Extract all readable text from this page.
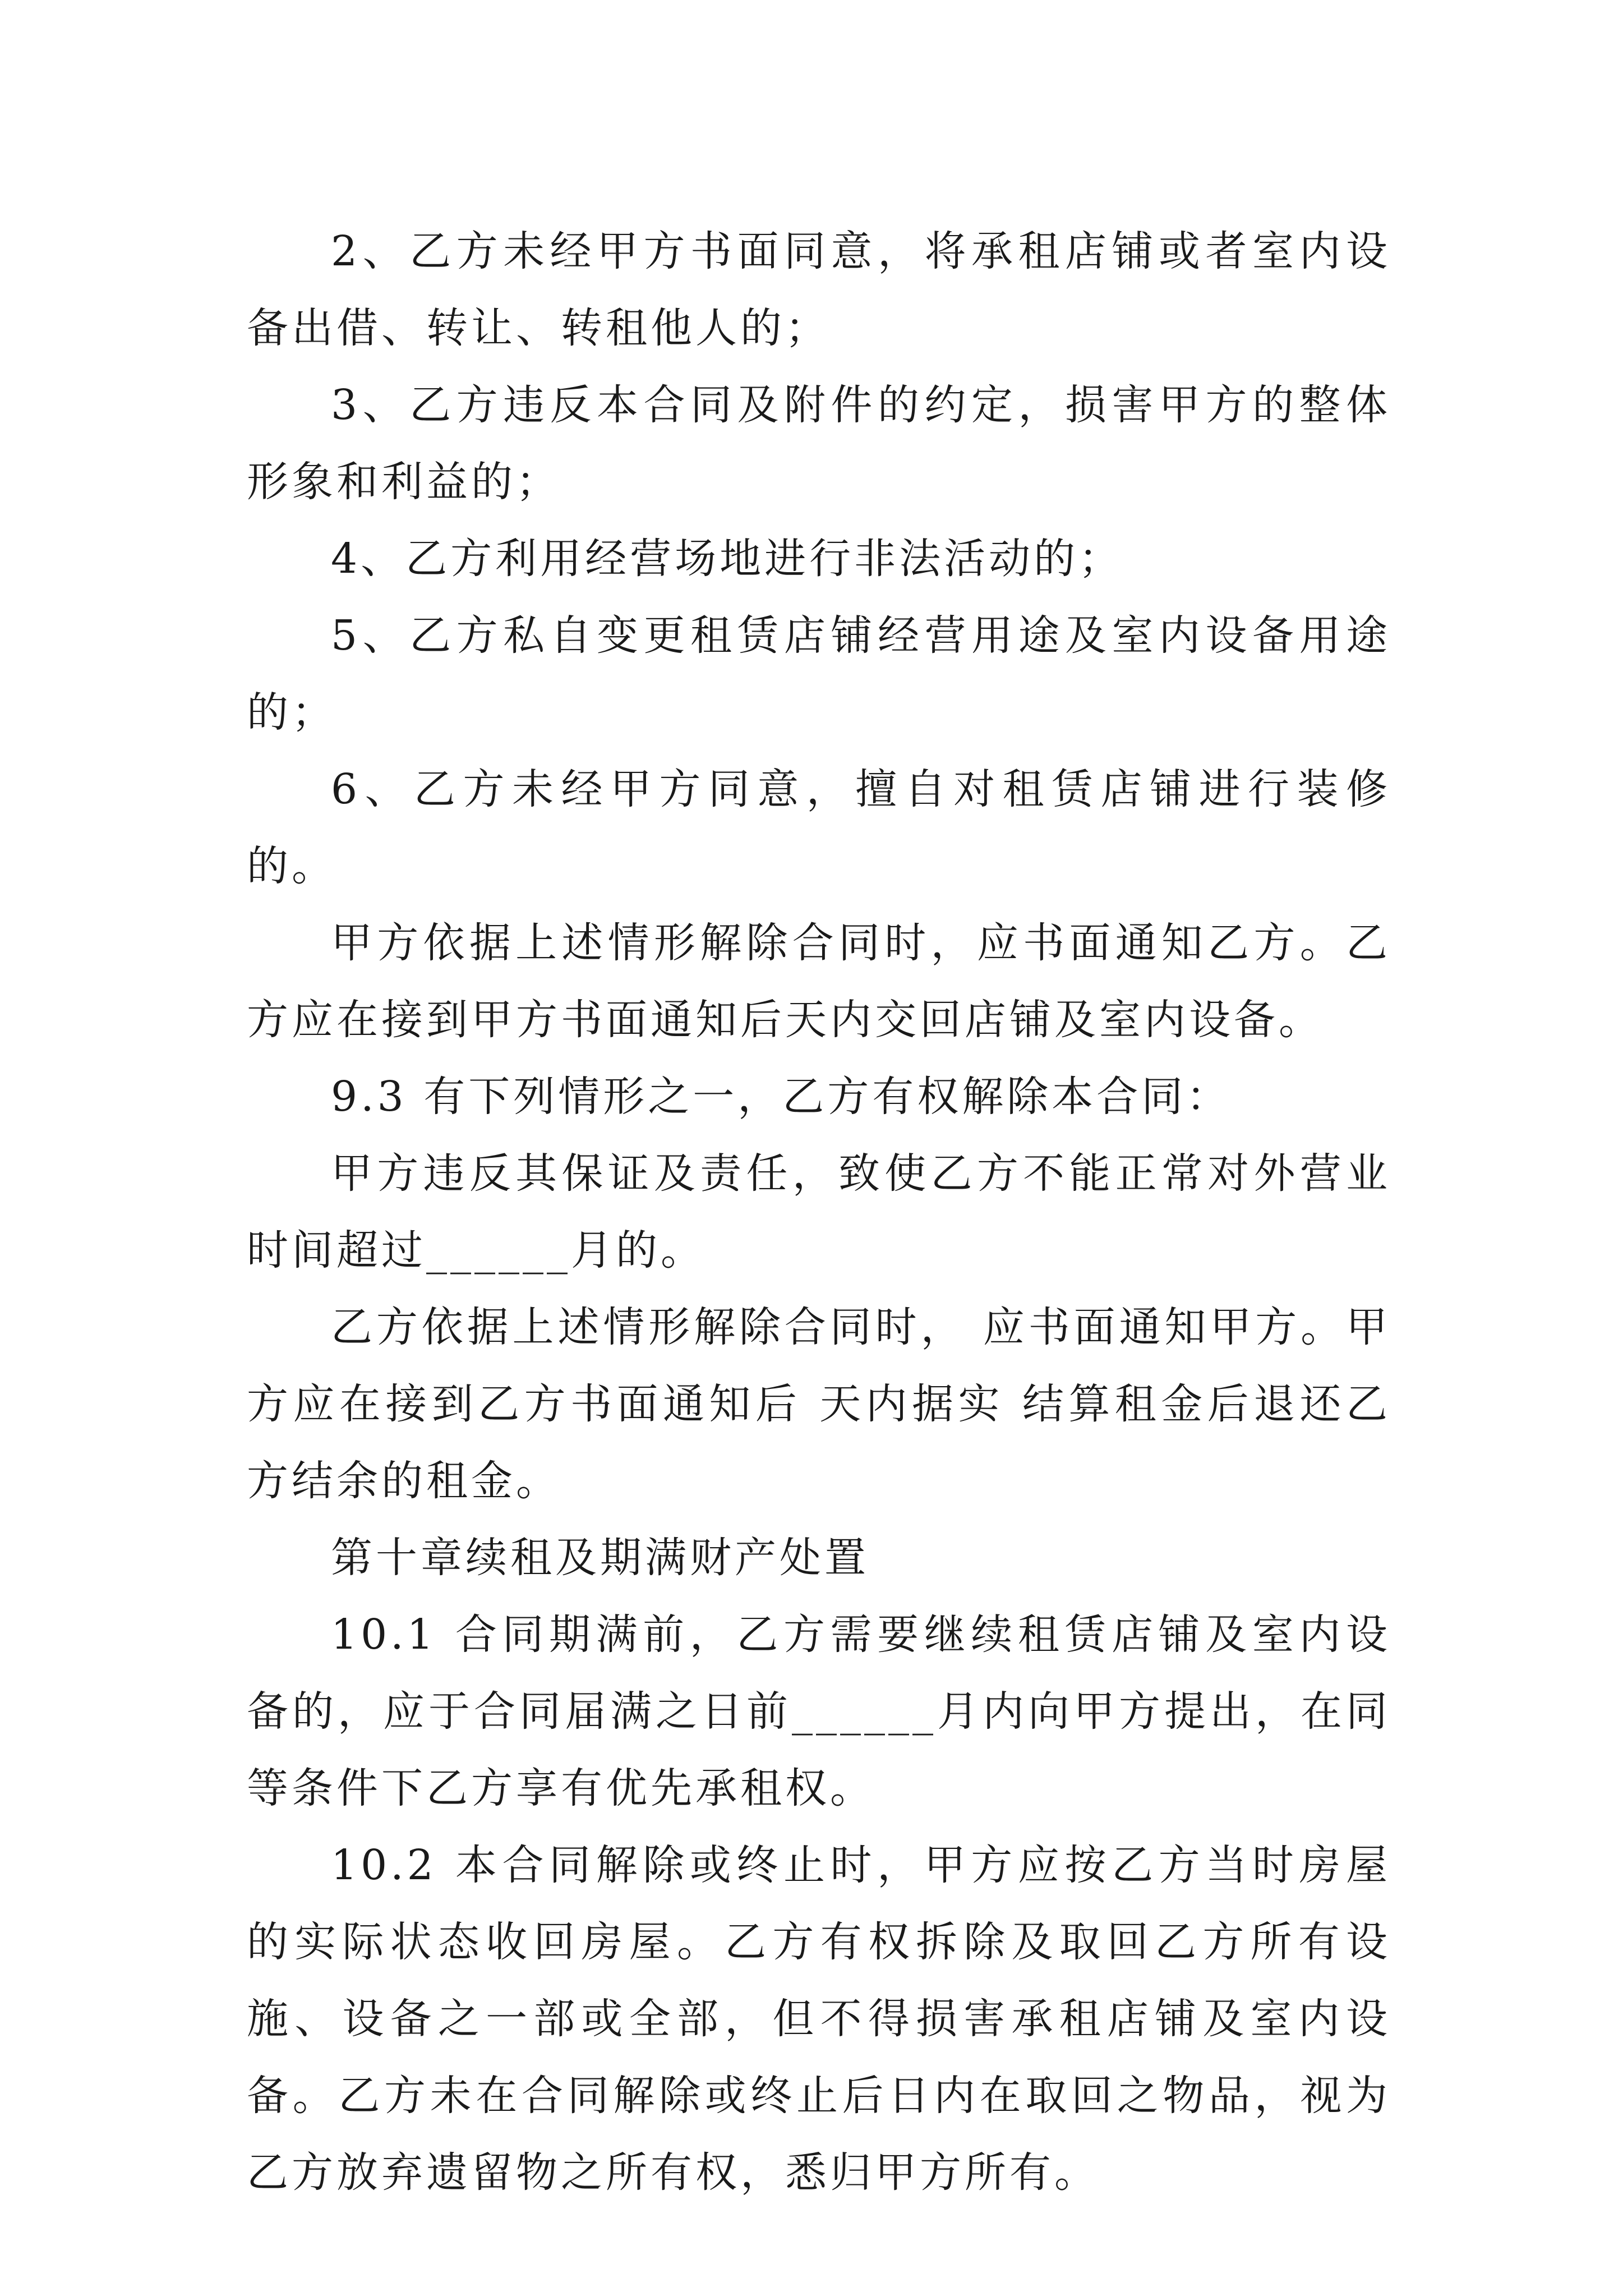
2、乙方未经甲方书面同意，将承租店铺或者室内设备出借、转让、转租他人的；

3、乙方违反本合同及附件的约定，损害甲方的整体形象和利益的；

4、乙方利用经营场地进行非法活动的；

5、乙方私自变更租赁店铺经营用途及室内设备用途的；

6、乙方未经甲方同意，擅自对租赁店铺进行装修的。

甲方依据上述情形解除合同时，应书面通知乙方。乙方应在接到甲方书面通知后天内交回店铺及室内设备。

9.3 有下列情形之一，乙方有权解除本合同：

甲方违反其保证及责任，致使乙方不能正常对外营业时间超过______月的。

乙方依据上述情形解除合同时， 应书面通知甲方。甲方应在接到乙方书面通知后 天内据实 结算租金后退还乙方结余的租金。

第十章续租及期满财产处置

10.1 合同期满前，乙方需要继续租赁店铺及室内设备的，应于合同届满之日前______月内向甲方提出，在同等条件下乙方享有优先承租权。

10.2 本合同解除或终止时，甲方应按乙方当时房屋的实际状态收回房屋。乙方有权拆除及取回乙方所有设施、设备之一部或全部，但不得损害承租店铺及室内设备。乙方未在合同解除或终止后日内在取回之物品，视为乙方放弃遗留物之所有权，悉归甲方所有。
